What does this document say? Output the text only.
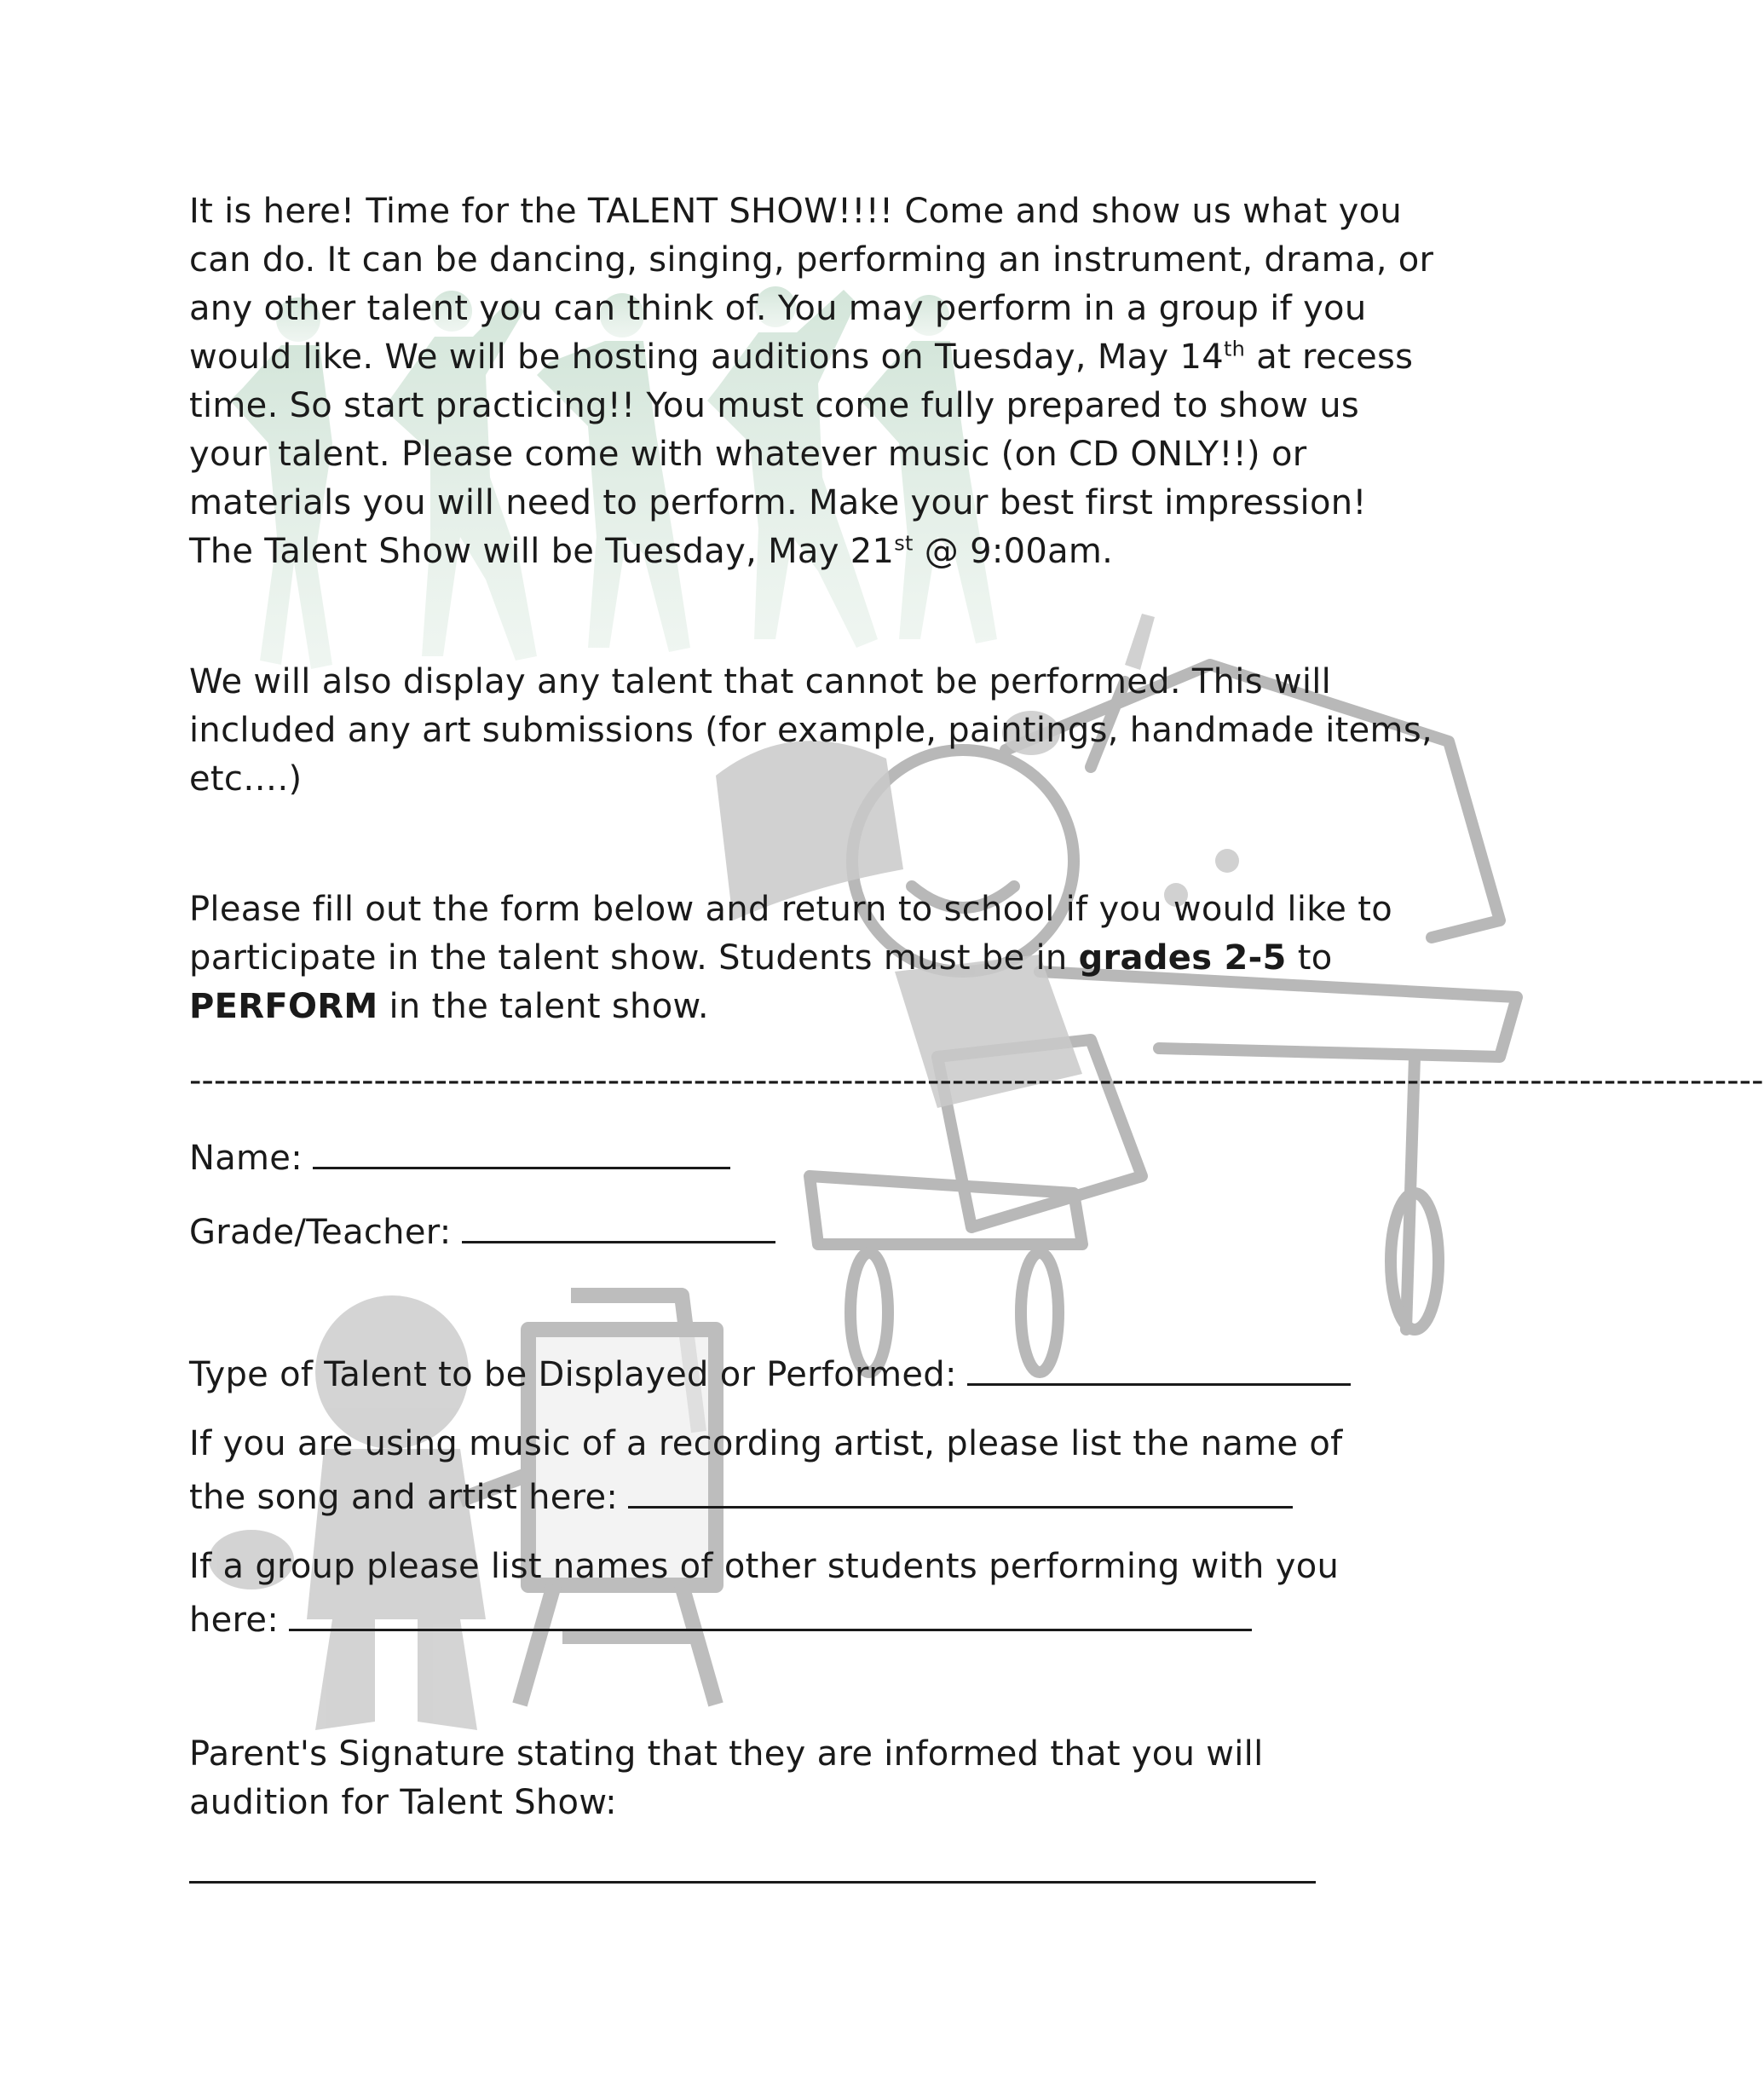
It is here! Time for the TALENT SHOW!!!! Come and show us what you can do. It can be dancing, singing, performing an instrument, drama, or any other talent you can think of. You may perform in a group if you would like. We will be hosting auditions on Tuesday, May 14th at recess time. So start practicing!! You must come fully prepared to show us your talent. Please come with whatever music (on CD ONLY!!) or materials you will need to perform. Make your best first impression! The Talent Show will be Tuesday, May 21st @ 9:00am.

We will also display any talent that cannot be performed. This will included any art submissions (for example, paintings, handmade items, etc….)

Please fill out the form below and return to school if you would like to participate in the talent show. Students must be in grades 2-5 to PERFORM in the talent show.

--------------------------------------------------------------------------------------------------------------------------------

Name:

Grade/Teacher:

Type of Talent to be Displayed or Performed:

If you are using music of a recording artist, please list the name of the song and artist here:

If a group please list names of other students performing with you here:

Parent's Signature stating that they are informed that you will audition for Talent Show:
